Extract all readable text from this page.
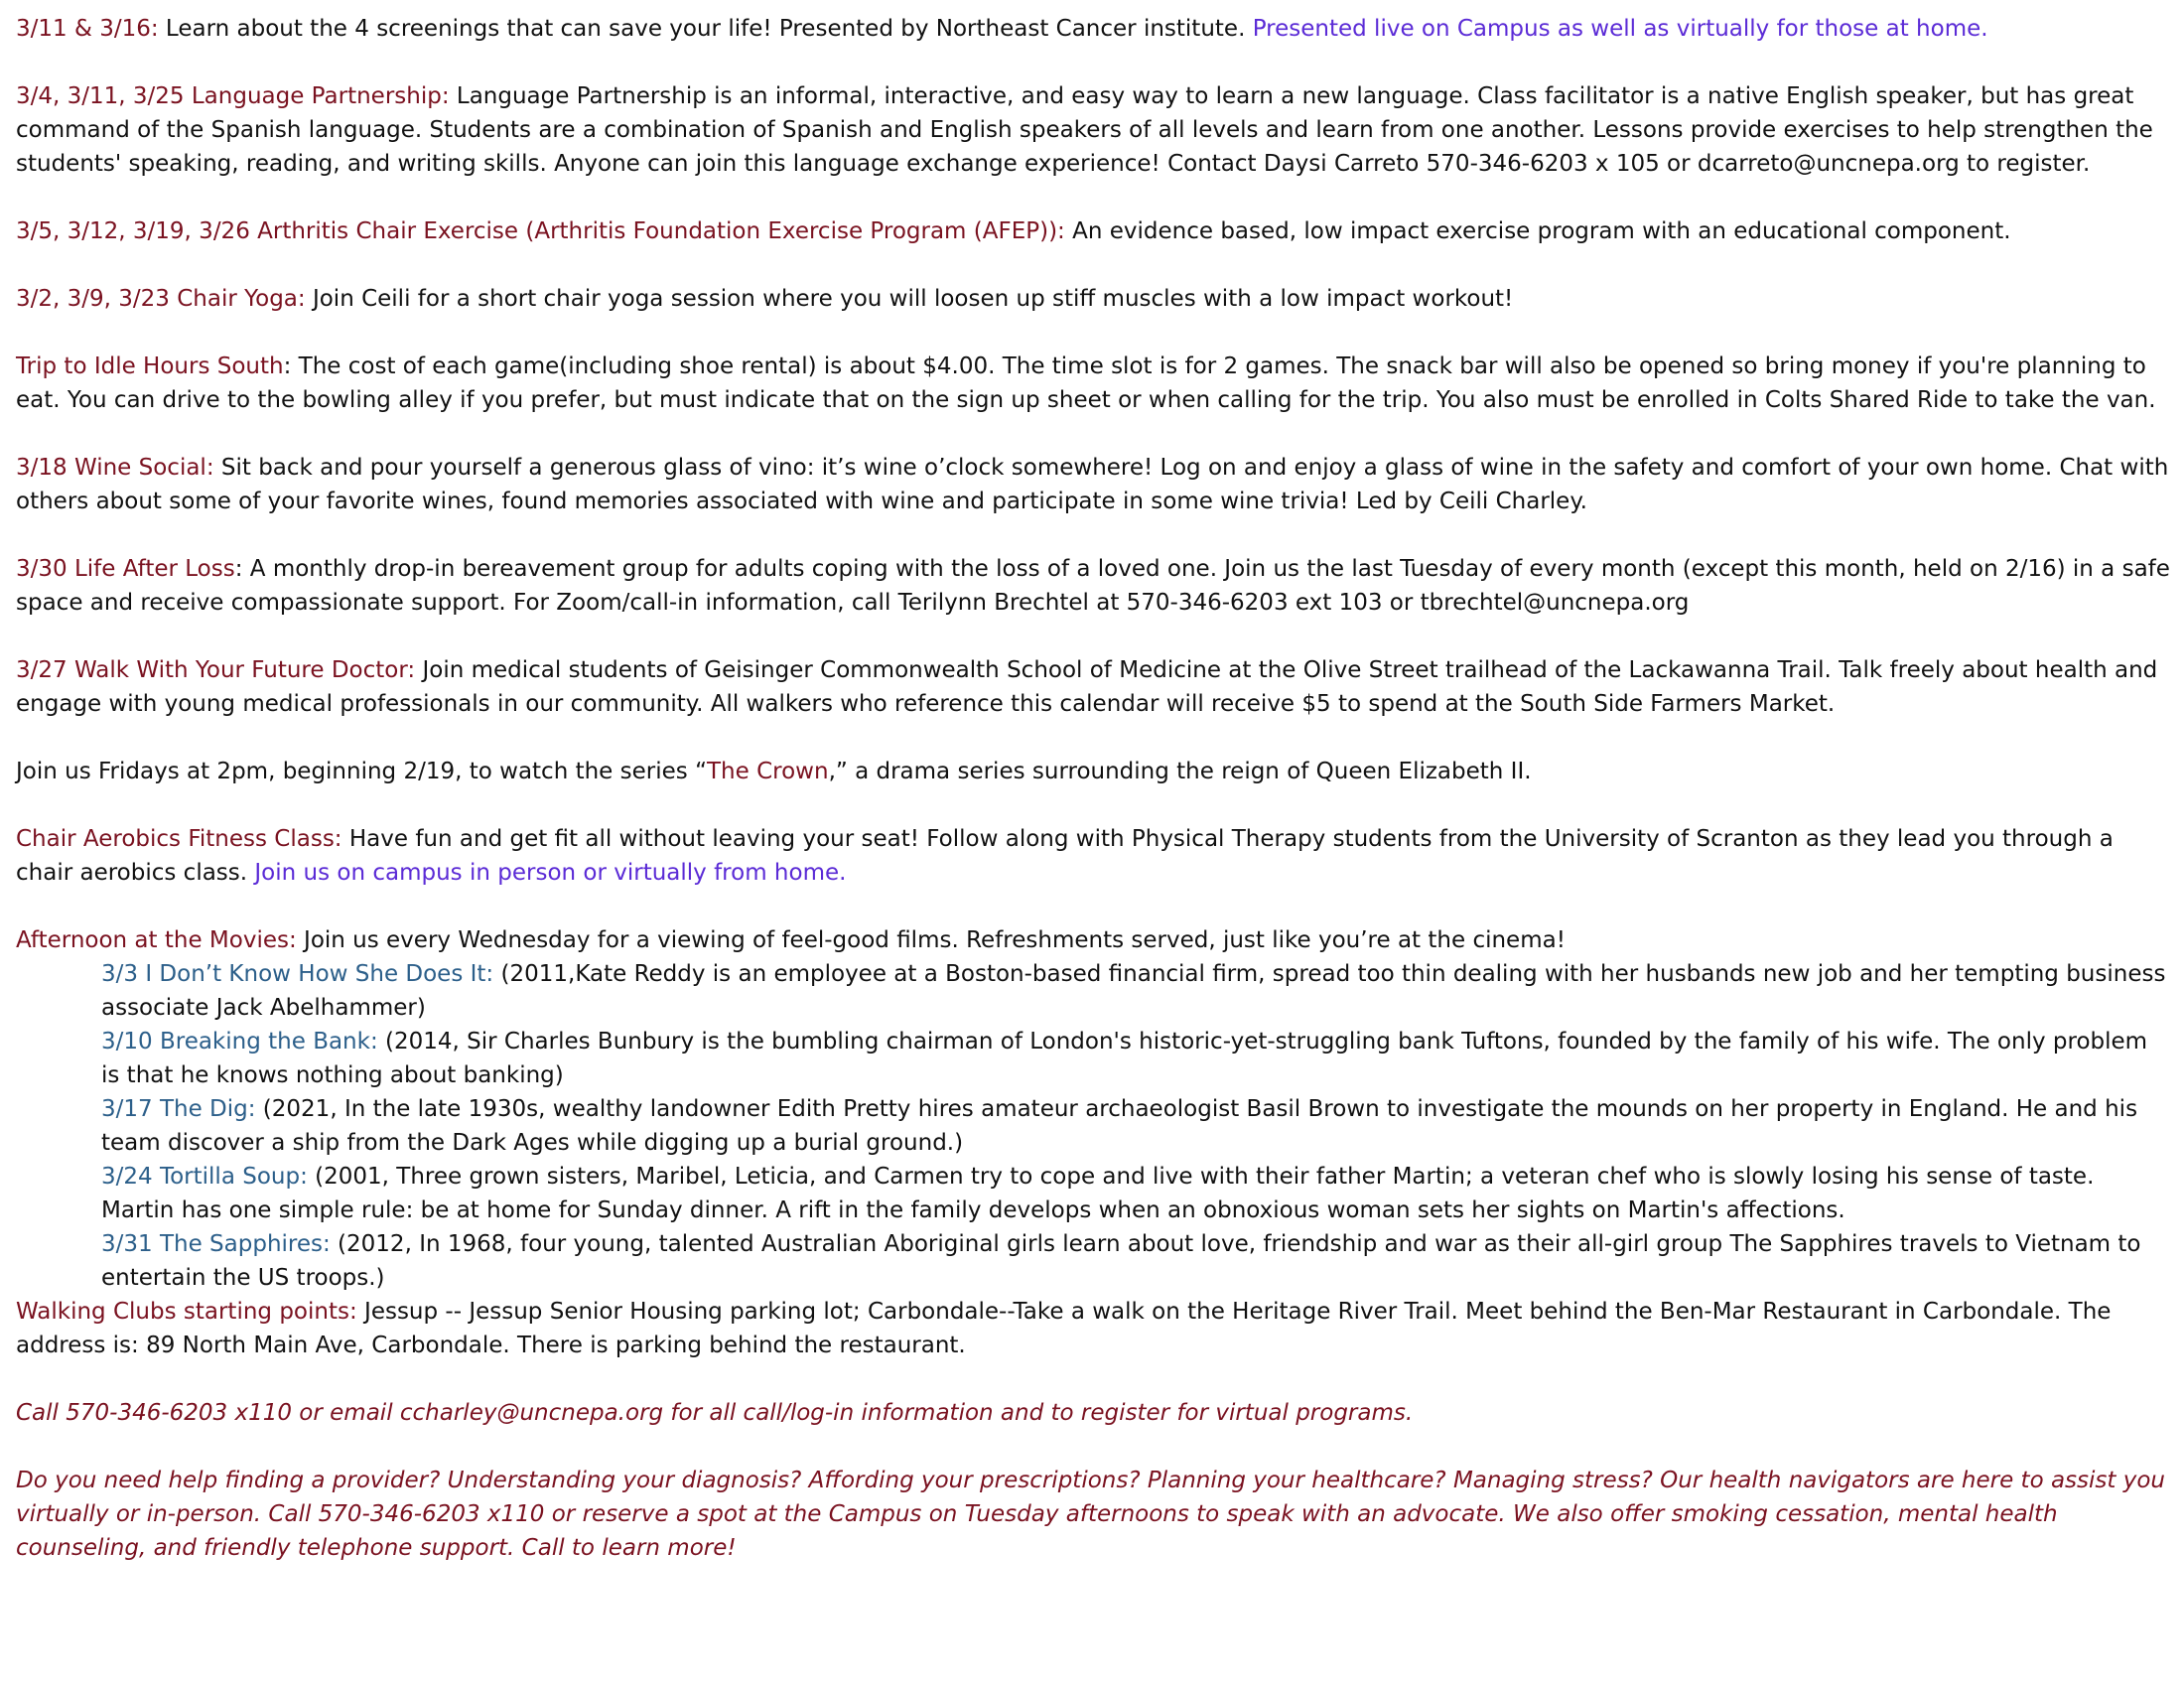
3/11 & 3/16: Learn about the 4 screenings that can save your life! Presented by Northeast Cancer institute. Presented live on Campus as well as virtually for those at home.

3/4, 3/11, 3/25 Language Partnership: Language Partnership is an informal, interactive, and easy way to learn a new language. Class facilitator is a native English speaker, but has great command of the Spanish language. Students are a combination of Spanish and English speakers of all levels and learn from one another. Lessons provide exercises to help strengthen the students' speaking, reading, and writing skills. Anyone can join this language exchange experience! Contact Daysi Carreto 570-346-6203 x 105 or dcarreto@uncnepa.org to register.

3/5, 3/12, 3/19, 3/26 Arthritis Chair Exercise (Arthritis Foundation Exercise Program (AFEP)): An evidence based, low impact exercise program with an educational component.

3/2, 3/9, 3/23 Chair Yoga: Join Ceili for a short chair yoga session where you will loosen up stiff muscles with a low impact workout!

Trip to Idle Hours South: The cost of each game(including shoe rental) is about $4.00. The time slot is for 2 games. The snack bar will also be opened so bring money if you're planning to eat. You can drive to the bowling alley if you prefer, but must indicate that on the sign up sheet or when calling for the trip. You also must be enrolled in Colts Shared Ride to take the van.

3/18 Wine Social: Sit back and pour yourself a generous glass of vino: it’s wine o’clock somewhere! Log on and enjoy a glass of wine in the safety and comfort of your own home. Chat with others about some of your favorite wines, found memories associated with wine and participate in some wine trivia! Led by Ceili Charley.

3/30 Life After Loss: A monthly drop-in bereavement group for adults coping with the loss of a loved one. Join us the last Tuesday of every month (except this month, held on 2/16) in a safe space and receive compassionate support. For Zoom/call-in information, call Terilynn Brechtel at 570-346-6203 ext 103 or tbrechtel@uncnepa.org

3/27 Walk With Your Future Doctor: Join medical students of Geisinger Commonwealth School of Medicine at the Olive Street trailhead of the Lackawanna Trail. Talk freely about health and engage with young medical professionals in our community. All walkers who reference this calendar will receive $5 to spend at the South Side Farmers Market.

Join us Fridays at 2pm, beginning 2/19, to watch the series “The Crown,” a drama series surrounding the reign of Queen Elizabeth II.

Chair Aerobics Fitness Class: Have fun and get fit all without leaving your seat! Follow along with Physical Therapy students from the University of Scranton as they lead you through a chair aerobics class. Join us on campus in person or virtually from home.

Afternoon at the Movies: Join us every Wednesday for a viewing of feel-good films. Refreshments served, just like you’re at the cinema!

3/3 I Don’t Know How She Does It: (2011,Kate Reddy is an employee at a Boston-based financial firm, spread too thin dealing with her husbands new job and her tempting business associate Jack Abelhammer)

3/10 Breaking the Bank: (2014, Sir Charles Bunbury is the bumbling chairman of London's historic-yet-struggling bank Tuftons, founded by the family of his wife. The only problem is that he knows nothing about banking)

3/17 The Dig: (2021, In the late 1930s, wealthy landowner Edith Pretty hires amateur archaeologist Basil Brown to investigate the mounds on her property in England. He and his team discover a ship from the Dark Ages while digging up a burial ground.)

3/24 Tortilla Soup: (2001, Three grown sisters, Maribel, Leticia, and Carmen try to cope and live with their father Martin; a veteran chef who is slowly losing his sense of taste. Martin has one simple rule: be at home for Sunday dinner. A rift in the family develops when an obnoxious woman sets her sights on Martin's affections.

3/31 The Sapphires: (2012, In 1968, four young, talented Australian Aboriginal girls learn about love, friendship and war as their all-girl group The Sapphires travels to Vietnam to entertain the US troops.)

Walking Clubs starting points: Jessup -- Jessup Senior Housing parking lot; Carbondale--Take a walk on the Heritage River Trail. Meet behind the Ben-Mar Restaurant in Carbondale. The address is: 89 North Main Ave, Carbondale. There is parking behind the restaurant.

Call 570-346-6203 x110 or email ccharley@uncnepa.org for all call/log-in information and to register for virtual programs.

Do you need help finding a provider? Understanding your diagnosis? Affording your prescriptions? Planning your healthcare? Managing stress? Our health navigators are here to assist you virtually or in-person. Call 570-346-6203 x110 or reserve a spot at the Campus on Tuesday afternoons to speak with an advocate. We also offer smoking cessation, mental health counseling, and friendly telephone support. Call to learn more!
